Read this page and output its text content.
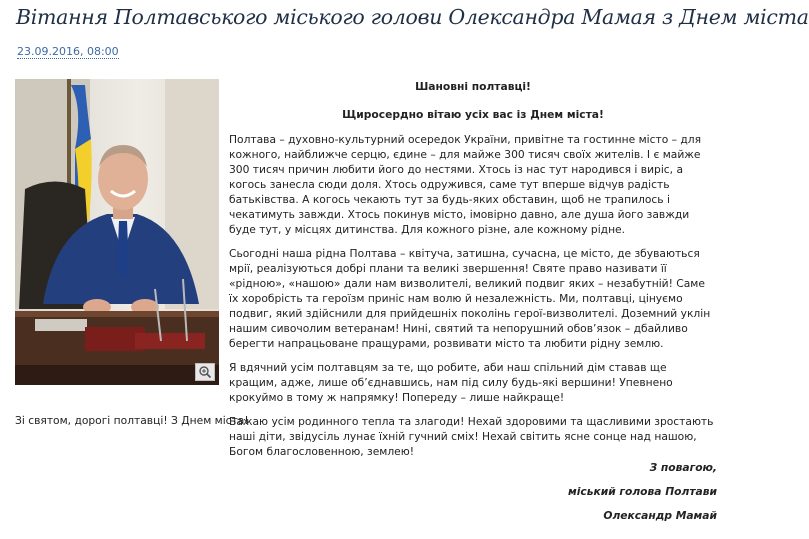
Вітання Полтавського міського голови Олександра Мамая з Днем міста
23.09.2016, 08:00

Шановні полтавці!

Щиросердно вітаю усіх вас із Днем міста!

Полтава – духовно-культурний осередок України, привітне та гостинне місто – для кожного, найближче серцю, єдине – для майже 300 тисяч своїх жителів. І є майже 300 тисяч причин любити його до нестями. Хтось із нас тут народився і виріс, а когось занесла сюди доля. Хтось одружився, саме тут вперше відчув радість батьківства. А когось чекають тут за будь-яких обставин, щоб не трапилось і чекатимуть завжди. Хтось покинув місто, імовірно давно, але душа його завжди буде тут, у місцях дитинства. Для кожного різне, але кожному рідне.

Сьогодні наша рідна Полтава – квітуча, затишна, сучасна, це місто, де збуваються мрії, реалізуються добрі плани та великі звершення! Святе право називати її «рідною», «нашою» дали нам визволителі, великий подвиг яких – незабутній! Саме їх хоробрість та героїзм приніс нам волю й незалежність. Ми, полтавці, цінуємо подвиг, який здійснили для прийдешніх поколінь герої-визволителі. Доземний уклін нашим сивочолим ветеранам! Нині, святий та непорушний обов’язок – дбайливо берегти напрацьоване пращурами, розвивати місто та любити рідну землю.

Я вдячний усім полтавцям за те, що робите, аби наш спільний дім ставав ще кращим, адже, лише об’єднавшись, нам під силу будь-які вершини! Упевнено крокуймо в тому ж напрямку! Попереду – лише найкраще!

Бажаю усім родинного тепла та злагоди! Нехай здоровими та щасливими зростають наші діти, звідусіль лунає їхній гучний сміх! Нехай світить ясне сонце над нашою, Богом благословенною, землею!

Зі святом, дорогі полтавці! З Днем міста!
З повагою,
міський голова Полтави
Олександр Мамай
